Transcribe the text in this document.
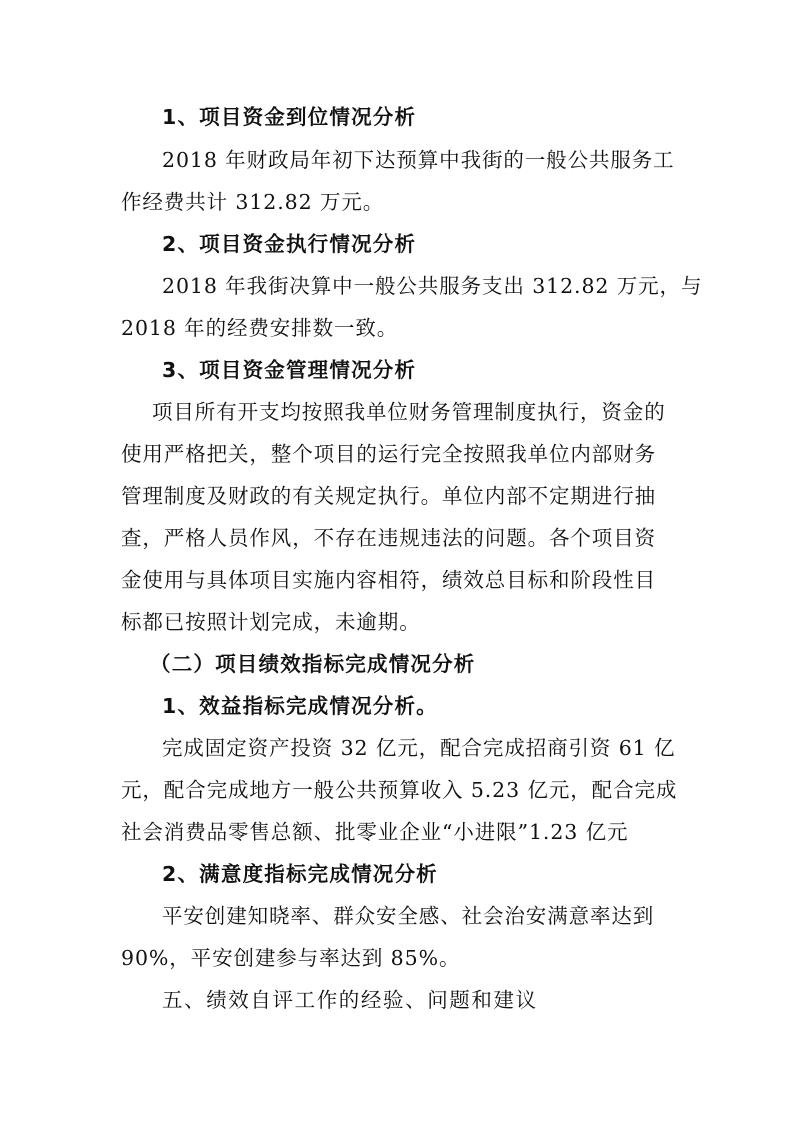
1、项目资金到位情况分析
2018 年财政局年初下达预算中我街的一般公共服务工
作经费共计 312.82 万元。
2、项目资金执行情况分析
2018 年我街决算中一般公共服务支出 312.82 万元，与
2018 年的经费安排数一致。
3、项目资金管理情况分析
项目所有开支均按照我单位财务管理制度执行，资金的
使用严格把关，整个项目的运行完全按照我单位内部财务
管理制度及财政的有关规定执行。单位内部不定期进行抽
查，严格人员作风，不存在违规违法的问题。各个项目资
金使用与具体项目实施内容相符，绩效总目标和阶段性目
标都已按照计划完成，未逾期。
（二）项目绩效指标完成情况分析
1、效益指标完成情况分析。
完成固定资产投资 32 亿元，配合完成招商引资 61 亿
元，配合完成地方一般公共预算收入 5.23 亿元，配合完成
社会消费品零售总额、批零业企业“小进限”1.23 亿元
2、满意度指标完成情况分析
平安创建知晓率、群众安全感、社会治安满意率达到
90%，平安创建参与率达到 85%。
五、绩效自评工作的经验、问题和建议
